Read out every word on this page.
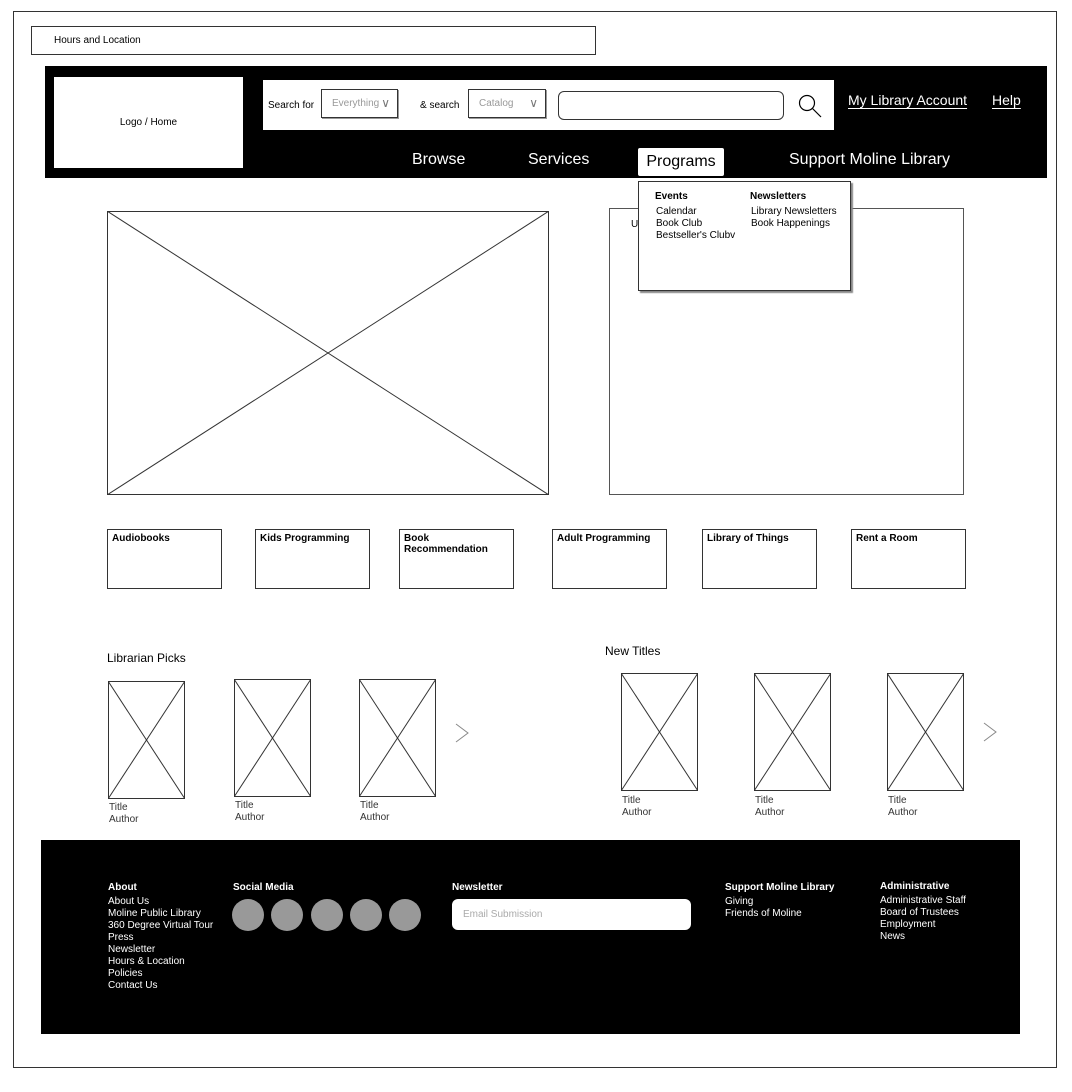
Hours and Location
Logo / Home
Search for	Everything ∨	& search	Catalog ∨	My Library Account Help
Browse	Services	Programs	Support Moline Library
U
Events
Calendar
Book Club
Bestseller's Clubv
Newsletters
Library Newsletters
Book Happenings
Audiobooks	Kids Programming	Book Recommendation
Adult Programming	Library of Things	Rent a Room
Librarian Picks	New Titles
Title
Author
Title
Author
Title
Author
Title
Author
Title
Author
Title
Author
About
About Us
Moline Public Library
360 Degree Virtual Tour
Press
Newsletter
Hours & Location
Policies
Contact Us
Social Media	Newsletter
Email Submission	Support Moline Library
Giving
Friends of Moline
Administrative
Administrative Staff
Board of Trustees
Employment
News
